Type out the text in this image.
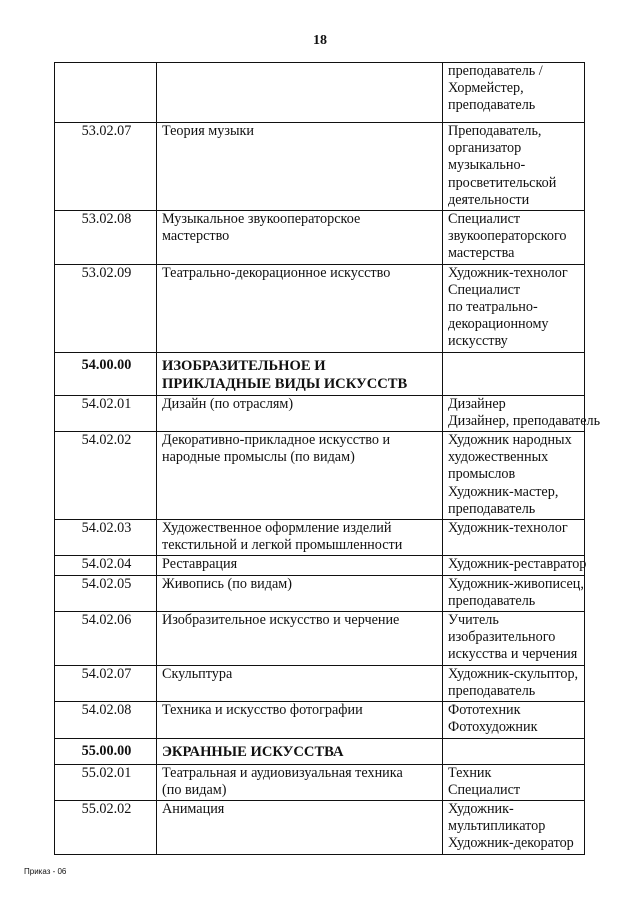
18

		преподаватель /
Хормейстер,
преподаватель

53.02.07	Теория музыки	Преподаватель,
организатор
музыкально-
просветительской
деятельности

53.02.08	Музыкальное звукооператорское
мастерство	Специалист
звукооператорского
мастерства

53.02.09	Театрально-декорационное искусство	Художник-технолог
Специалист
по театрально-
декорационному
искусству

54.00.00	ИЗОБРАЗИТЕЛЬНОЕ И
ПРИКЛАДНЫЕ ВИДЫ ИСКУССТВ	

54.02.01	Дизайн (по отраслям)	Дизайнер
Дизайнер, преподаватель

54.02.02	Декоративно-прикладное искусство и
народные промыслы (по видам)	Художник народных
художественных
промыслов
Художник-мастер,
преподаватель

54.02.03	Художественное оформление изделий
текстильной и легкой промышленности	Художник-технолог

54.02.04	Реставрация	Художник-реставратор

54.02.05	Живопись (по видам)	Художник-живописец,
преподаватель

54.02.06	Изобразительное искусство и черчение	Учитель
изобразительного
искусства и черчения

54.02.07	Скульптура	Художник-скульптор,
преподаватель

54.02.08	Техника и искусство фотографии	Фототехник
Фотохудожник

55.00.00	ЭКРАННЫЕ ИСКУССТВА	

55.02.01	Театральная и аудиовизуальная техника
(по видам)	Техник
Специалист

55.02.02	Анимация	Художник-
мультипликатор
Художник-декоратор
Приказ - 06
